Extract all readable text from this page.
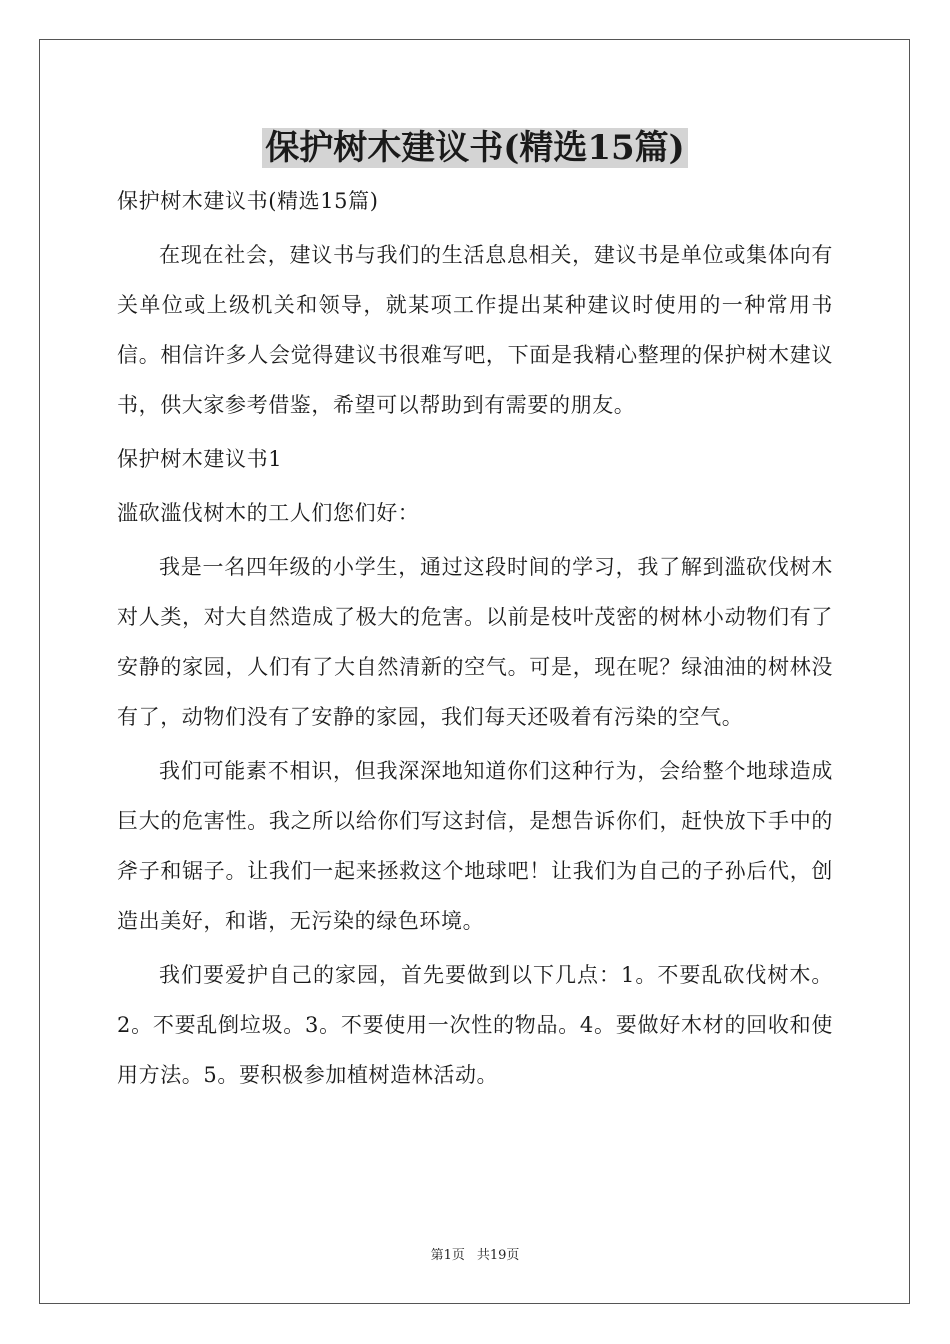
保护树木建议书(精选15篇)

保护树木建议书(精选15篇)

在现在社会，建议书与我们的生活息息相关，建议书是单位或集体向有关单位或上级机关和领导，就某项工作提出某种建议时使用的一种常用书信。相信许多人会觉得建议书很难写吧，下面是我精心整理的保护树木建议书，供大家参考借鉴，希望可以帮助到有需要的朋友。

保护树木建议书1

滥砍滥伐树木的工人们您们好：

我是一名四年级的小学生，通过这段时间的学习，我了解到滥砍伐树木对人类，对大自然造成了极大的危害。以前是枝叶茂密的树林小动物们有了安静的家园，人们有了大自然清新的空气。可是，现在呢？绿油油的树林没有了，动物们没有了安静的家园，我们每天还吸着有污染的空气。

我们可能素不相识，但我深深地知道你们这种行为，会给整个地球造成巨大的危害性。我之所以给你们写这封信，是想告诉你们，赶快放下手中的斧子和锯子。让我们一起来拯救这个地球吧！让我们为自己的子孙后代，创造出美好，和谐，无污染的绿色环境。

我们要爱护自己的家园，首先要做到以下几点：1。不要乱砍伐树木。2。不要乱倒垃圾。3。不要使用一次性的物品。4。要做好木材的回收和使用方法。5。要积极参加植树造林活动。

第1页 共19页
